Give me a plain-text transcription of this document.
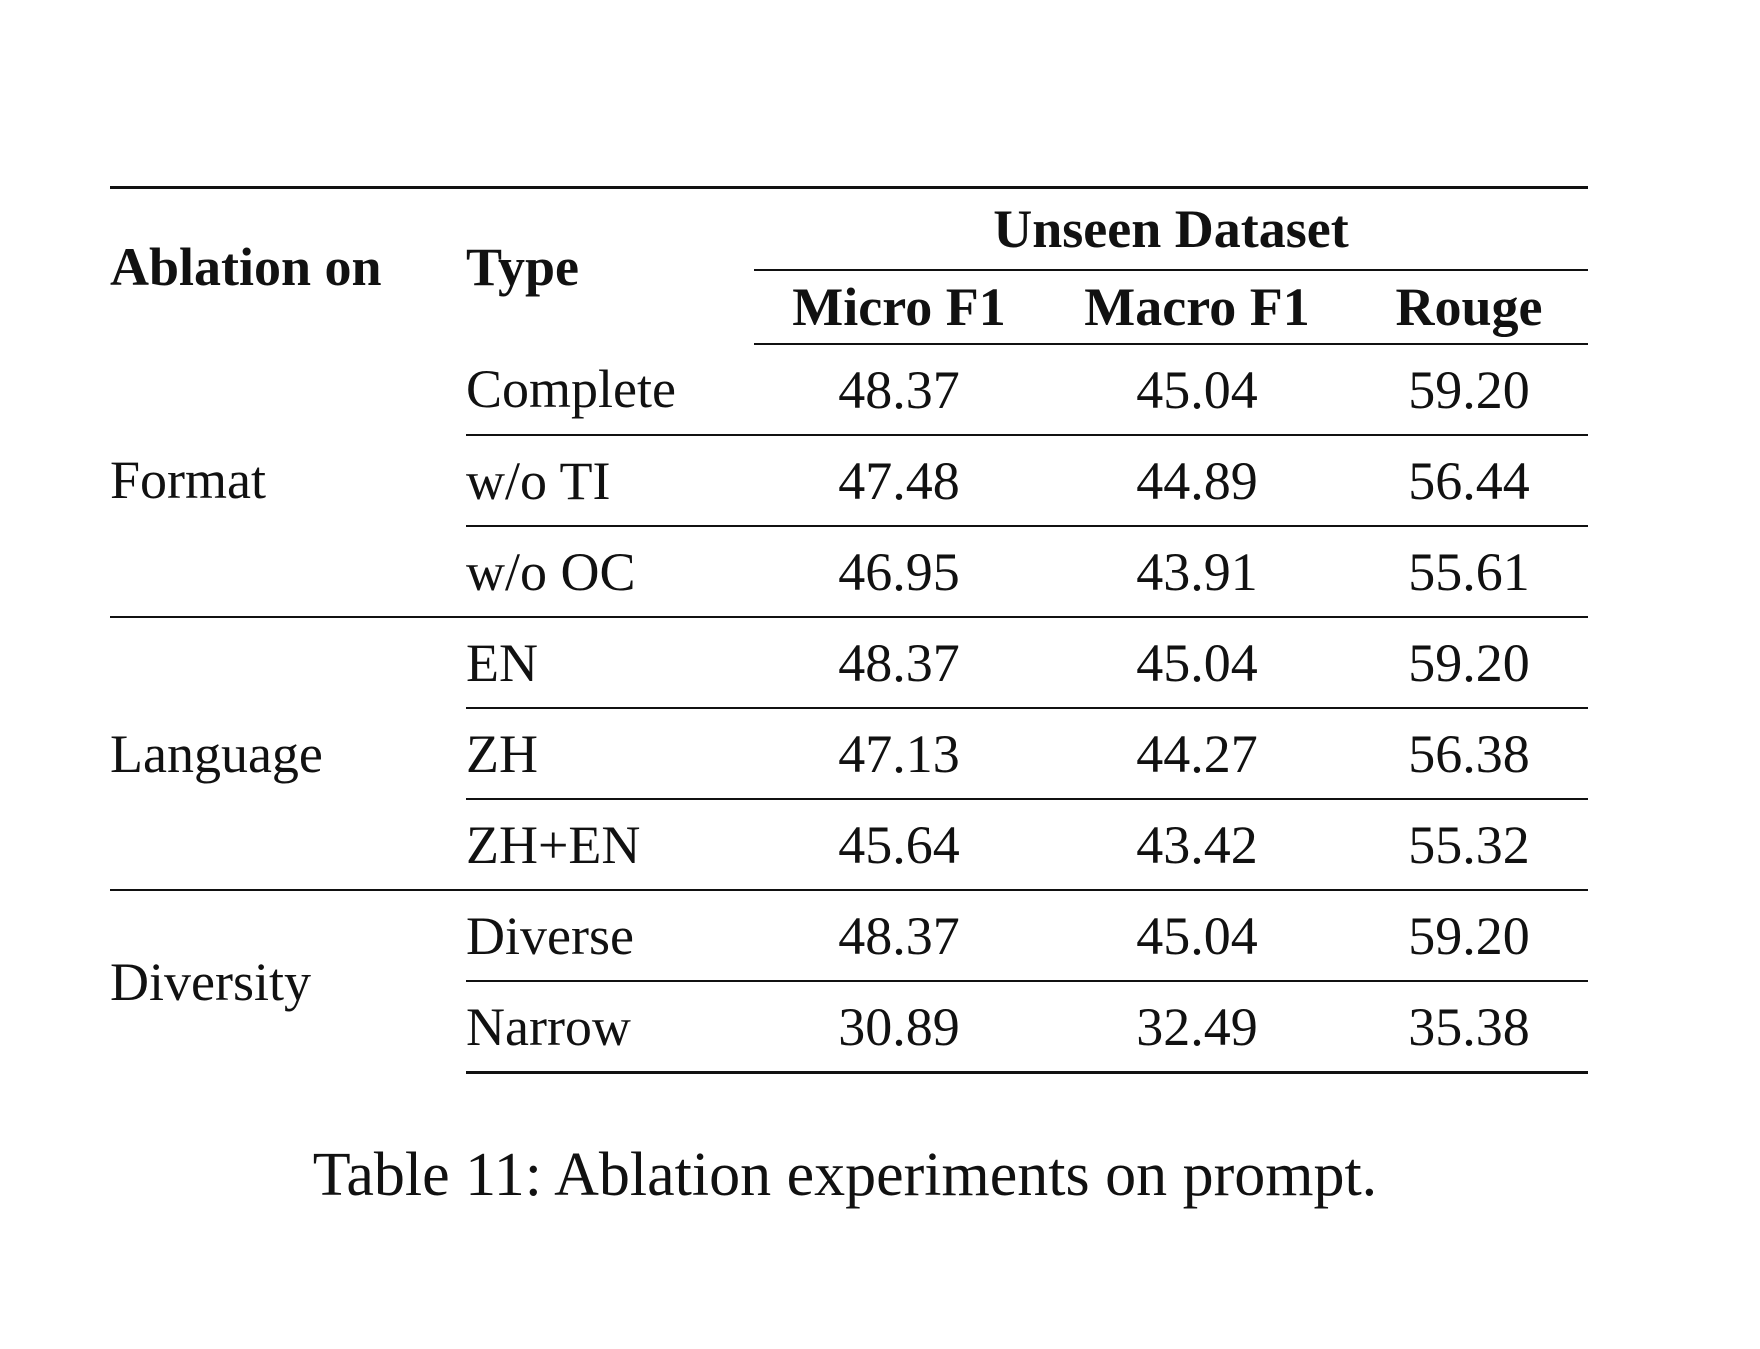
Ablation on	Type	Unseen Dataset		
		Micro F1	Macro F1	Rouge
Format	Complete	48.37	45.04	59.20
	w/o TI	47.48	44.89	56.44
	w/o OC	46.95	43.91	55.61
Language	EN	48.37	45.04	59.20
	ZH	47.13	44.27	56.38
	ZH+EN	45.64	43.42	55.32
Diversity	Diverse	48.37	45.04	59.20
	Narrow	30.89	32.49	35.38
Table 11: Ablation experiments on prompt.
